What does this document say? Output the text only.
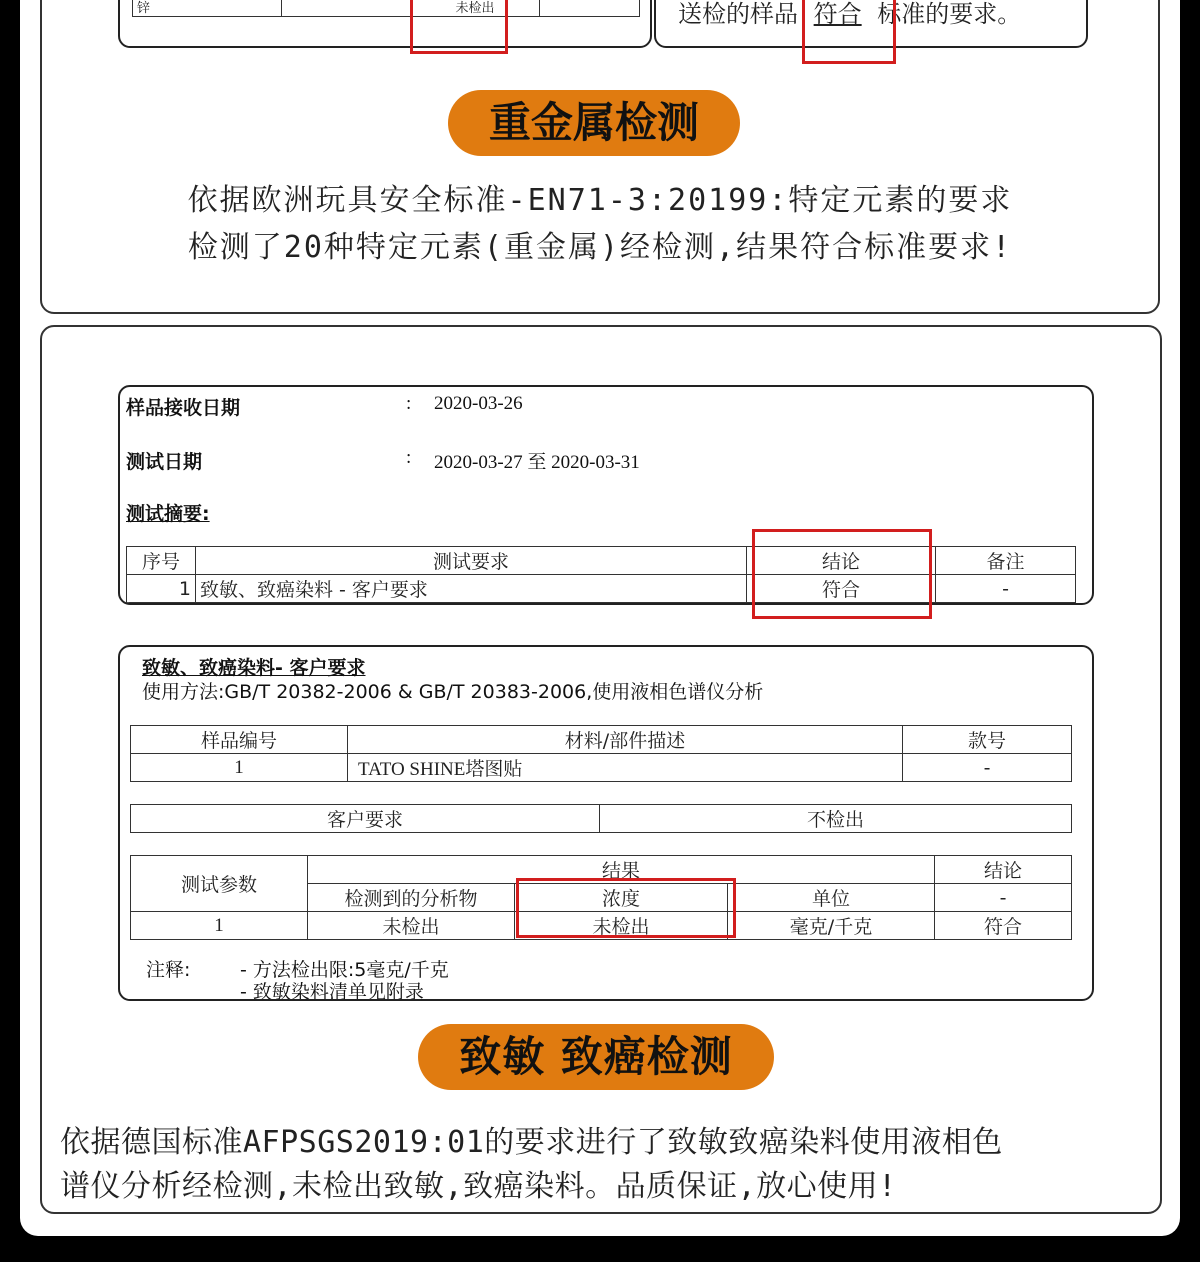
锌		未检出		送检的样品 符合 标准的要求。
重金属检测
依据欧洲玩具安全标准-EN71-3:20199:特定元素的要求
检测了20种特定元素(重金属)经检测,结果符合标准要求!
样品接收日期	: 2020-03-26
测试日期	: 2020-03-27 至 2020-03-31
测试摘要:
序号	测试要求	结论	备注
1	致敏、致癌染料 - 客户要求	符合	-
致敏、致癌染料- 客户要求
使用方法:GB/T 20382-2006 & GB/T 20383-2006,使用液相色谱仪分析
样品编号	材料/部件描述	款号
1	TATO SHINE塔图贴	-
客户要求	不检出
测试参数	结果			结论
	检测到的分析物	浓度	单位	-
1	未检出	未检出	毫克/千克	符合
注释:	- 方法检出限:5毫克/千克
- 致敏染料清单见附录
致敏 致癌检测
依据德国标准AFPSGS2019:01的要求进行了致敏致癌染料使用液相色
谱仪分析经检测,未检出致敏,致癌染料。品质保证,放心使用!
